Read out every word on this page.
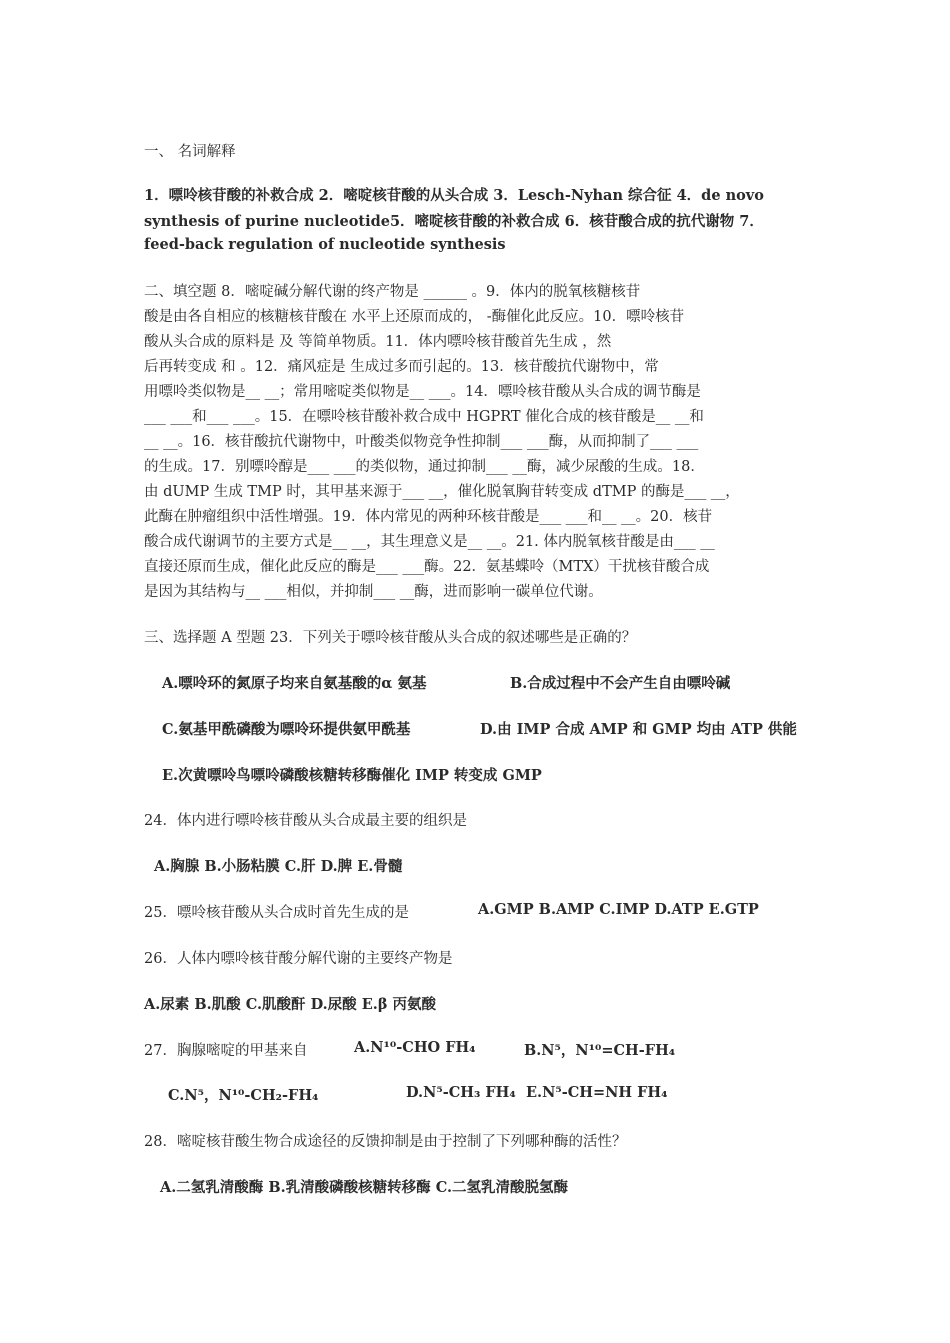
一、 名词解释
1．嘌呤核苷酸的补救合成 2．嘧啶核苷酸的从头合成 3．Lesch-Nyhan 综合征 4．de novo
synthesis of purine nucleotide5．嘧啶核苷酸的补救合成 6．核苷酸合成的抗代谢物 7．
feed-back regulation of nucleotide synthesis
二、填空题 8．嘧啶碱分解代谢的终产物是 ______ 。9．体内的脱氧核糖核苷
酸是由各自相应的核糖核苷酸在 水平上还原而成的， -酶催化此反应。10．嘌呤核苷
酸从头合成的原料是 及 等简单物质。11．体内嘌呤核苷酸首先生成 ，然
后再转变成 和 。12．痛风症是 生成过多而引起的。13．核苷酸抗代谢物中，常
用嘌呤类似物是__ __；常用嘧啶类似物是__ ___。14．嘌呤核苷酸从头合成的调节酶是
___ ___和___ ___。15．在嘌呤核苷酸补救合成中 HGPRT 催化合成的核苷酸是__ __和
__ __。16．核苷酸抗代谢物中，叶酸类似物竞争性抑制___ ___酶，从而抑制了___ ___
的生成。17．别嘌呤醇是___ ___的类似物，通过抑制___ __酶，减少尿酸的生成。18．
由 dUMP 生成 TMP 时，其甲基来源于___ __，催化脱氧胸苷转变成 dTMP 的酶是___ __，
此酶在肿瘤组织中活性增强。19．体内常见的两种环核苷酸是___ ___和__ __。20．核苷
酸合成代谢调节的主要方式是__ __，其生理意义是__ __。21. 体内脱氧核苷酸是由___ __
直接还原而生成，催化此反应的酶是___ ___酶。22．氨基蝶呤（MTX）干扰核苷酸合成
是因为其结构与__ ___相似，并抑制___ __酶，进而影响一碳单位代谢。
三、选择题 A 型题 23．下列关于嘌呤核苷酸从头合成的叙述哪些是正确的？
A.嘌呤环的氮原子均来自氨基酸的α 氨基	B.合成过程中不会产生自由嘌呤碱
C.氨基甲酰磷酸为嘌呤环提供氨甲酰基	D.由 IMP 合成 AMP 和 GMP 均由 ATP 供能
E.次黄嘌呤鸟嘌呤磷酸核糖转移酶催化 IMP 转变成 GMP
24．体内进行嘌呤核苷酸从头合成最主要的组织是
A.胸腺 B.小肠粘膜 C.肝 D.脾 E.骨髓
25．嘌呤核苷酸从头合成时首先生成的是	A.GMP B.AMP C.IMP D.ATP E.GTP
26．人体内嘌呤核苷酸分解代谢的主要终产物是
A.尿素 B.肌酸 C.肌酸酐 D.尿酸 E.β 丙氨酸
27．胸腺嘧啶的甲基来自	A.N¹⁰-CHO FH₄	B.N⁵，N¹⁰=CH-FH₄
C.N⁵，N¹⁰-CH₂-FH₄	D.N⁵-CH₃ FH₄ E.N⁵-CH=NH FH₄
28．嘧啶核苷酸生物合成途径的反馈抑制是由于控制了下列哪种酶的活性？
A.二氢乳清酸酶 B.乳清酸磷酸核糖转移酶 C.二氢乳清酸脱氢酶
